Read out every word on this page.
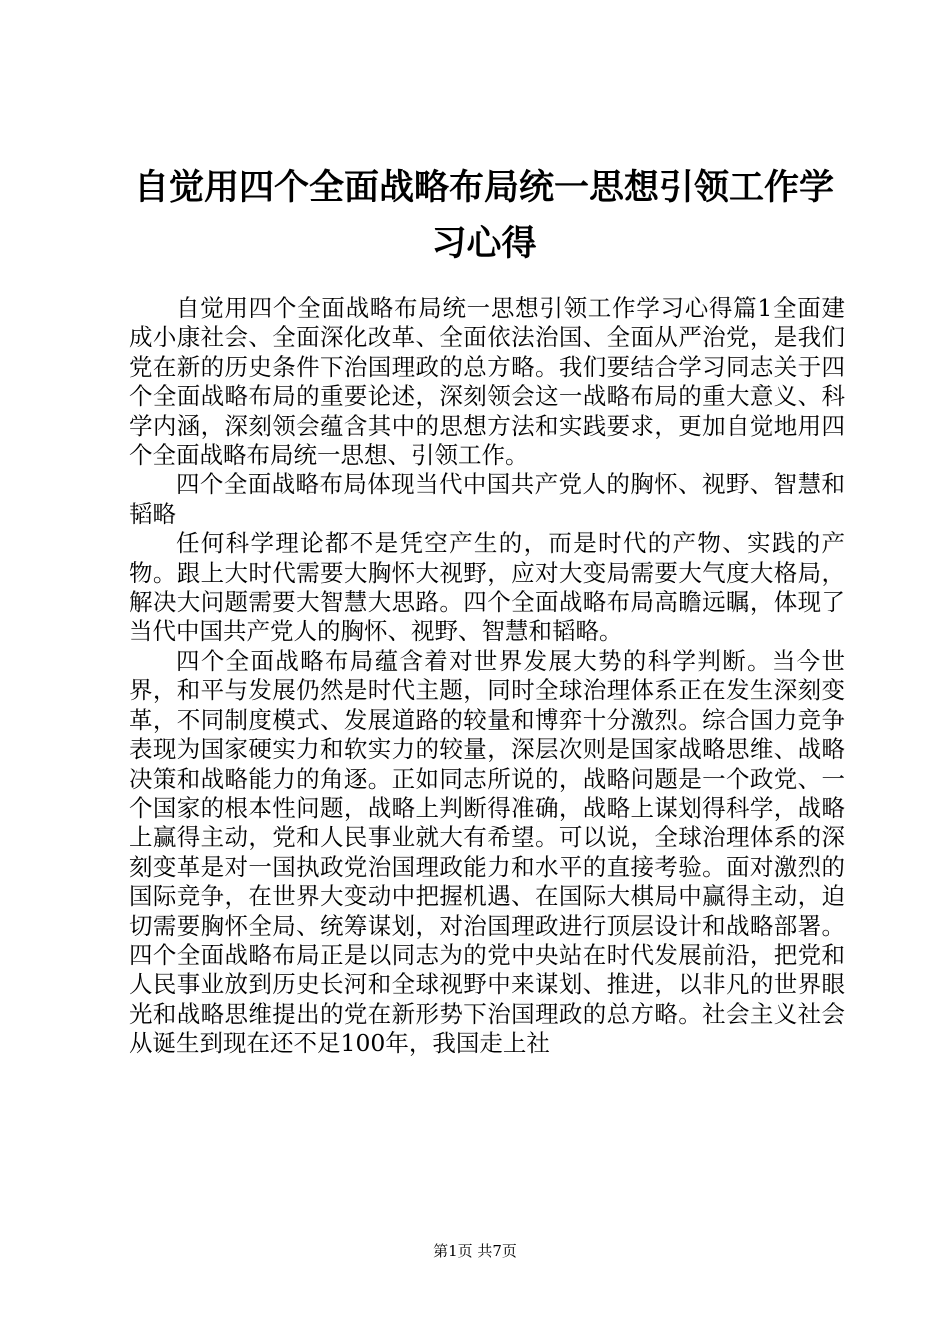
自觉用四个全面战略布局统一思想引领工作学习心得

自觉用四个全面战略布局统一思想引领工作学习心得篇1全面建成小康社会、全面深化改革、全面依法治国、全面从严治党，是我们党在新的历史条件下治国理政的总方略。我们要结合学习同志关于四个全面战略布局的重要论述，深刻领会这一战略布局的重大意义、科学内涵，深刻领会蕴含其中的思想方法和实践要求，更加自觉地用四个全面战略布局统一思想、引领工作。

四个全面战略布局体现当代中国共产党人的胸怀、视野、智慧和韬略

任何科学理论都不是凭空产生的，而是时代的产物、实践的产物。跟上大时代需要大胸怀大视野，应对大变局需要大气度大格局，解决大问题需要大智慧大思路。四个全面战略布局高瞻远瞩，体现了当代中国共产党人的胸怀、视野、智慧和韬略。

四个全面战略布局蕴含着对世界发展大势的科学判断。当今世界，和平与发展仍然是时代主题，同时全球治理体系正在发生深刻变革，不同制度模式、发展道路的较量和博弈十分激烈。综合国力竞争表现为国家硬实力和软实力的较量，深层次则是国家战略思维、战略决策和战略能力的角逐。正如同志所说的，战略问题是一个政党、一个国家的根本性问题，战略上判断得准确，战略上谋划得科学，战略上赢得主动，党和人民事业就大有希望。可以说，全球治理体系的深刻变革是对一国执政党治国理政能力和水平的直接考验。面对激烈的国际竞争，在世界大变动中把握机遇、在国际大棋局中赢得主动，迫切需要胸怀全局、统筹谋划，对治国理政进行顶层设计和战略部署。四个全面战略布局正是以同志为的党中央站在时代发展前沿，把党和人民事业放到历史长河和全球视野中来谋划、推进，以非凡的世界眼光和战略思维提出的党在新形势下治国理政的总方略。社会主义社会从诞生到现在还不足100年，我国走上社

第1页 共7页
